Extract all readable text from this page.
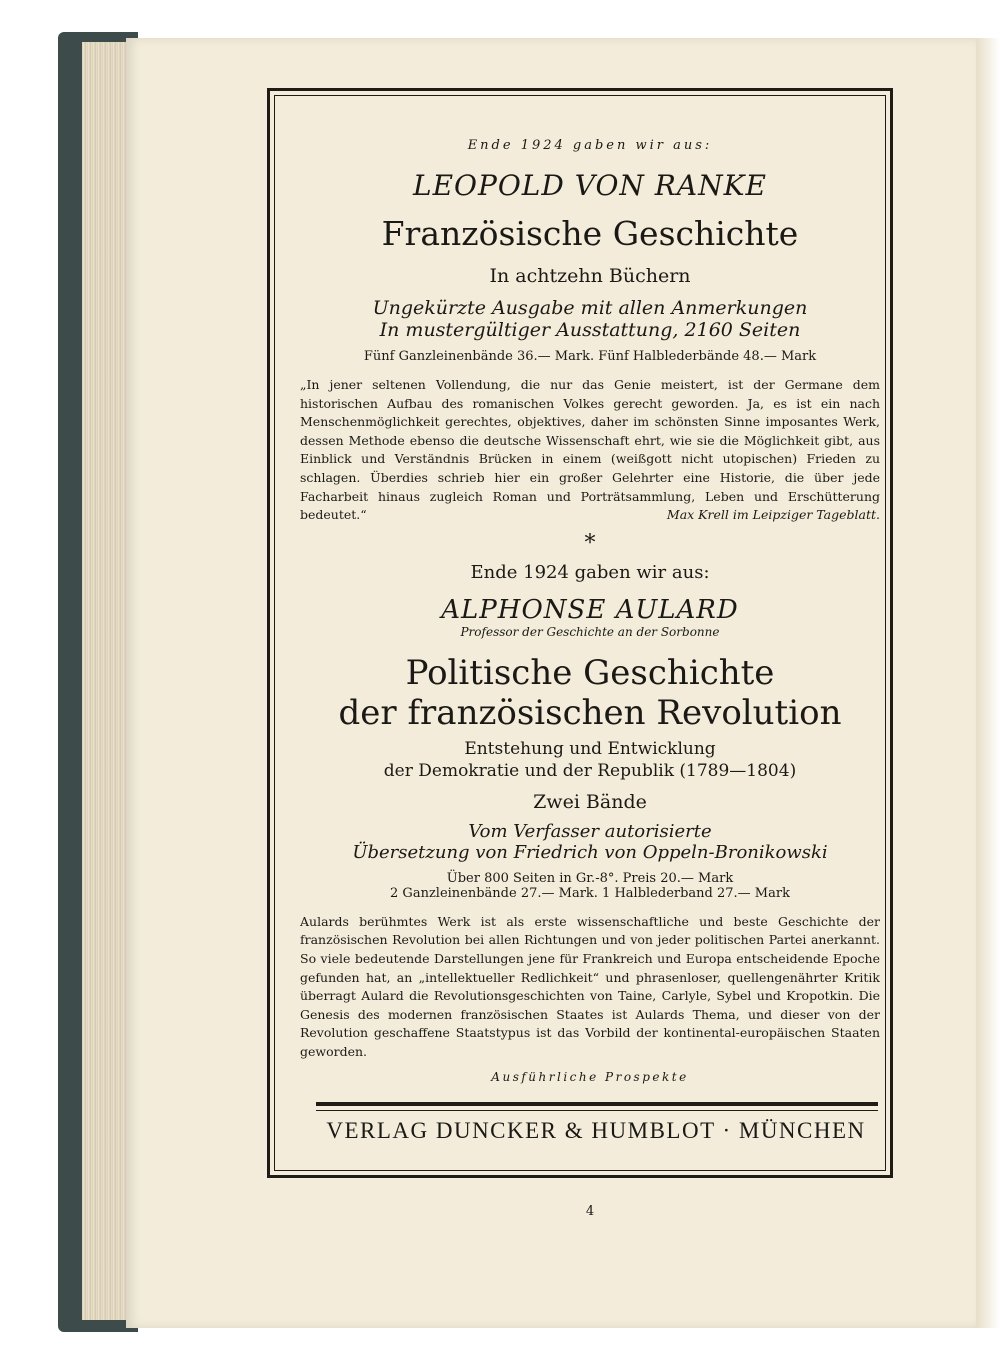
Ende 1924 gaben wir aus:
LEOPOLD VON RANKE
Französische Geschichte
In achtzehn Büchern
Ungekürzte Ausgabe mit allen Anmerkungen
In mustergültiger Ausstattung, 2160 Seiten
Fünf Ganzleinenbände 36.— Mark. Fünf Halblederbände 48.— Mark
„In jener seltenen Vollendung, die nur das Genie meistert, ist der Germane dem historischen Aufbau des romanischen Volkes gerecht geworden. Ja, es ist ein nach Menschenmöglichkeit gerechtes, objektives, daher im schönsten Sinne imposantes Werk, dessen Methode ebenso die deutsche Wissenschaft ehrt, wie sie die Möglichkeit gibt, aus Einblick und Verständnis Brücken in einem (weißgott nicht utopischen) Frieden zu schlagen. Überdies schrieb hier ein großer Gelehrter eine Historie, die über jede Facharbeit hinaus zugleich Roman und Porträtsammlung, Leben und Erschütterung bedeutet.“	Max Krell im Leipziger Tageblatt.
*
Ende 1924 gaben wir aus:
ALPHONSE AULARD
Professor der Geschichte an der Sorbonne
Politische Geschichte
der französischen Revolution
Entstehung und Entwicklung
der Demokratie und der Republik (1789—1804)
Zwei Bände
Vom Verfasser autorisierte
Übersetzung von Friedrich von Oppeln-Bronikowski
Über 800 Seiten in Gr.-8°. Preis 20.— Mark
2 Ganzleinenbände 27.— Mark. 1 Halblederband 27.— Mark
Aulards berühmtes Werk ist als erste wissenschaftliche und beste Geschichte der französischen Revolution bei allen Richtungen und von jeder politischen Partei anerkannt. So viele bedeutende Darstellungen jene für Frankreich und Europa entscheidende Epoche gefunden hat, an „intellektueller Redlichkeit“ und phrasenloser, quellengenährter Kritik überragt Aulard die Revolutionsgeschichten von Taine, Carlyle, Sybel und Kropotkin. Die Genesis des modernen französischen Staates ist Aulards Thema, und dieser von der Revolution geschaffene Staatstypus ist das Vorbild der kontinental-europäischen Staaten geworden.
Ausführliche Prospekte
VERLAG DUNCKER & HUMBLOT · MÜNCHEN
4
